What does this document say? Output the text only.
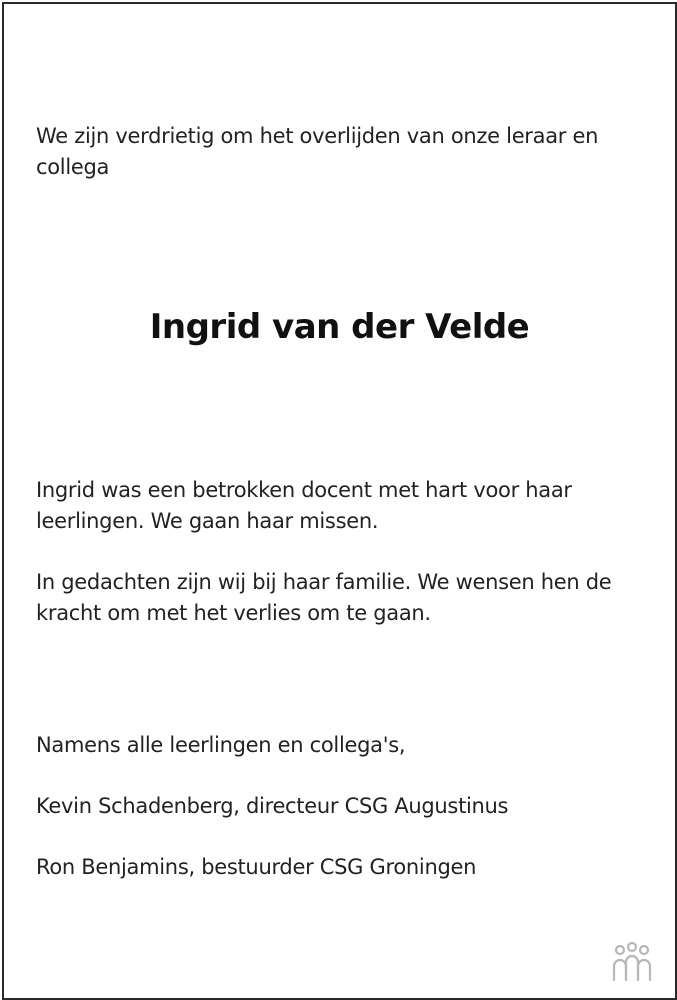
We zijn verdrietig om het overlijden van onze leraar en collega

Ingrid van der Velde

Ingrid was een betrokken docent met hart voor haar leerlingen. We gaan haar missen.

In gedachten zijn wij bij haar familie. We wensen hen de kracht om met het verlies om te gaan.

Namens alle leerlingen en collega's,

Kevin Schadenberg, directeur CSG Augustinus

Ron Benjamins, bestuurder CSG Groningen
